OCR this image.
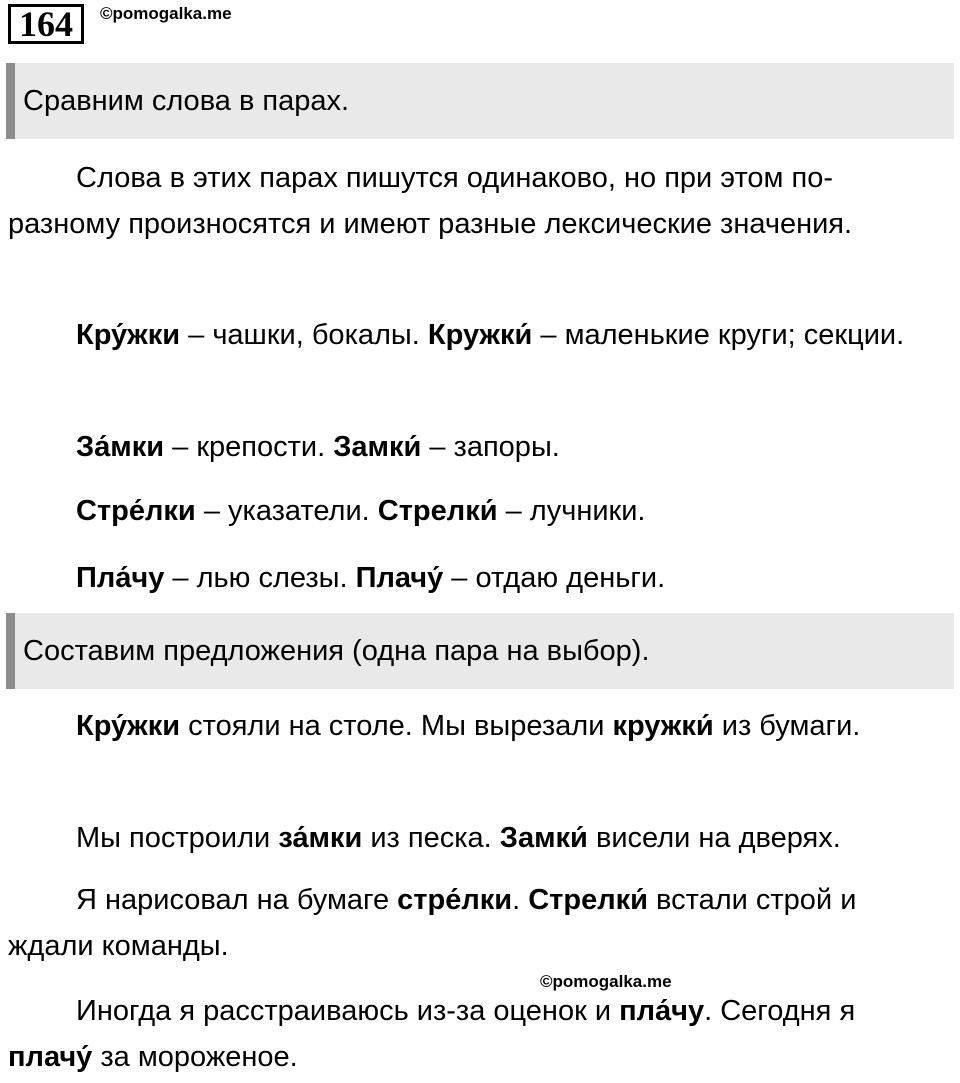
164	©pomogalka.me
Сравним слова в парах.

Слова в этих парах пишутся одинаково, но при этом по-разному произносятся и имеют разные лексические значения.

Кру́жки – чашки, бокалы. Кружки́ – маленькие круги; секции.

За́мки – крепости. Замки́ – запоры.

Стре́лки – указатели. Стрелки́ – лучники.

Пла́чу – лью слезы. Плачу́ – отдаю деньги.

Составим предложения (одна пара на выбор).

Кру́жки стояли на столе. Мы вырезали кружки́ из бумаги.

Мы построили за́мки из песка. Замки́ висели на дверях.

Я нарисовал на бумаге стре́лки. Стрелки́ встали строй и ждали команды.

©pomogalka.me

Иногда я расстраиваюсь из-за оценок и пла́чу. Сегодня я плачу́ за мороженое.
